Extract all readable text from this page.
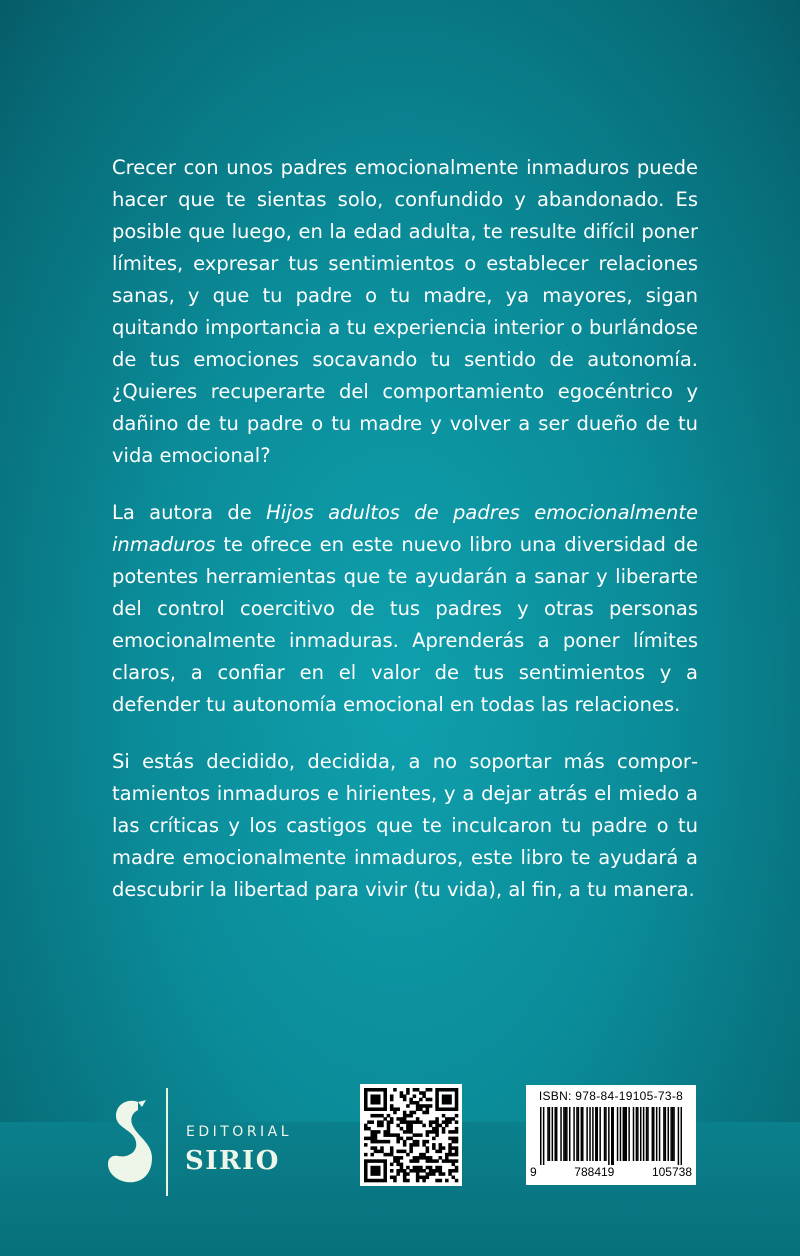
Crecer con unos padres emocionalmente inmaduros puede hacer que te sientas solo, confundido y abandonado. Es posible que luego, en la edad adulta, te resulte difícil poner límites, expresar tus sentimientos o establecer relaciones sanas, y que tu padre o tu madre, ya mayores, sigan quitando importancia a tu experiencia interior o burlándose de tus emociones socavando tu sentido de autonomía. ¿Quieres recuperarte del comportamiento egocéntrico y dañino de tu padre o tu madre y volver a ser dueño de tu vida emocional?

La autora de Hijos adultos de padres emocionalmente inmaduros te ofrece en este nuevo libro una diversidad de potentes herramientas que te ayudarán a sanar y liberarte del control coercitivo de tus padres y otras personas emocionalmente inmaduras. Aprenderás a poner límites claros, a confiar en el valor de tus sentimientos y a defender tu autonomía emocional en todas las relaciones.

Si estás decidido, decidida, a no soportar más comportamientos inmaduros e hirientes, y a dejar atrás el miedo a las críticas y los castigos que te inculcaron tu padre o tu madre emocionalmente inmaduros, este libro te ayudará a descubrir la libertad para vivir (tu vida), al fin, a tu manera.

EDITORIAL
SIRIO
ISBN: 978-84-19105-73-8
9	788419	105738
